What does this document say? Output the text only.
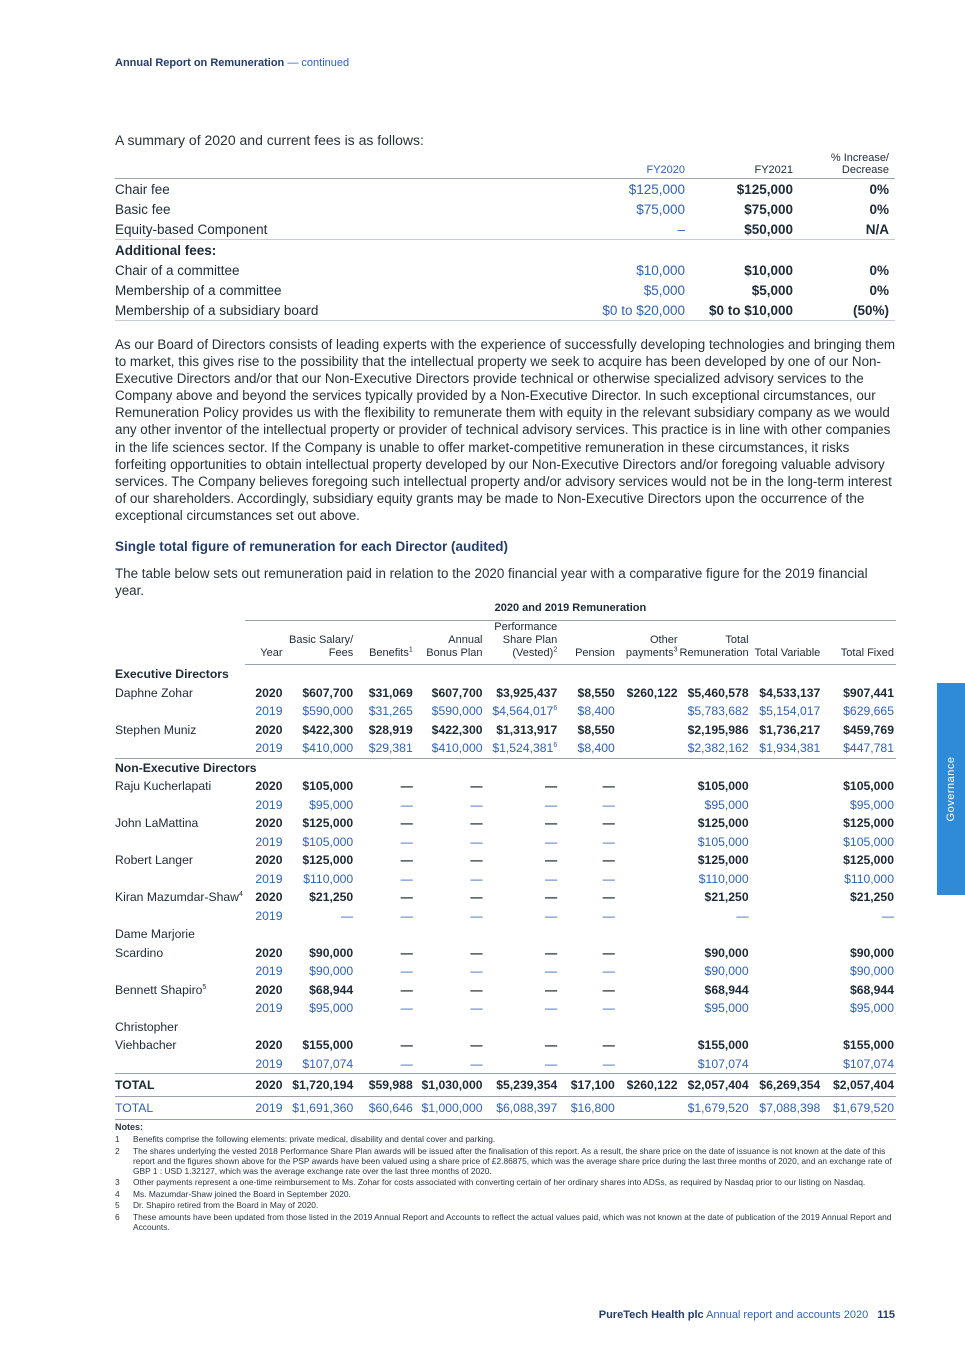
Annual Report on Remuneration — continued
A summary of 2020 and current fees is as follows:
	FY2020	FY2021	% Increase/ Decrease
Chair fee	$125,000	$125,000	0%
Basic fee	$75,000	$75,000	0%
Equity-based Component	–	$50,000	N/A
Additional fees:			
Chair of a committee	$10,000	$10,000	0%
Membership of a committee	$5,000	$5,000	0%
Membership of a subsidiary board	$0 to $20,000	$0 to $10,000	(50%)
As our Board of Directors consists of leading experts with the experience of successfully developing technologies and bringing them to market, this gives rise to the possibility that the intellectual property we seek to acquire has been developed by one of our Non-Executive Directors and/or that our Non-Executive Directors provide technical or otherwise specialized advisory services to the Company above and beyond the services typically provided by a Non-Executive Director. In such exceptional circumstances, our Remuneration Policy provides us with the flexibility to remunerate them with equity in the relevant subsidiary company as we would any other inventor of the intellectual property or provider of technical advisory services. This practice is in line with other companies in the life sciences sector. If the Company is unable to offer market-competitive remuneration in these circumstances, it risks forfeiting opportunities to obtain intellectual property developed by our Non-Executive Directors and/or foregoing valuable advisory services. The Company believes foregoing such intellectual property and/or advisory services would not be in the long-term interest of our shareholders. Accordingly, subsidiary equity grants may be made to Non-Executive Directors upon the occurrence of the exceptional circumstances set out above.
Single total figure of remuneration for each Director (audited)
The table below sets out remuneration paid in relation to the 2020 financial year with a comparative figure for the 2019 financial year.
	2020 and 2019 Remuneration									
	Year	Basic Salary/ Fees	Benefits$^1$	Annual Bonus Plan	Performance Share Plan (Vested)$^2$	Pension	Other payments$^3$	Total Remuneration	Total Variable	Total Fixed
Executive Directors										
Daphne Zohar	2020	$607,700	$31,069	$607,700	$3,925,437	$8,550	$260,122	$5,460,578	$4,533,137	$907,441
	2019	$590,000	$31,265	$590,000	$4,564,017$^6$	$8,400		$5,783,682	$5,154,017	$629,665
Stephen Muniz	2020	$422,300	$28,919	$422,300	$1,313,917	$8,550		$2,195,986	$1,736,217	$459,769
	2019	$410,000	$29,381	$410,000	$1,524,381$^6$	$8,400		$2,382,162	$1,934,381	$447,781
Non-Executive Directors										
Raju Kucherlapati	2020	$105,000	—	—	—	—		$105,000		$105,000
	2019	$95,000	—	—	—	—		$95,000		$95,000
John LaMattina	2020	$125,000	—	—	—	—		$125,000		$125,000
	2019	$105,000	—	—	—	—		$105,000		$105,000
Robert Langer	2020	$125,000	—	—	—	—		$125,000		$125,000
	2019	$110,000	—	—	—	—		$110,000		$110,000
Kiran Mazumdar-Shaw$^4$	2020	$21,250	—	—	—	—		$21,250		$21,250
	2019	—	—	—	—	—		—		—
Dame Marjorie										
Scardino	2020	$90,000	—	—	—	—		$90,000		$90,000
	2019	$90,000	—	—	—	—		$90,000		$90,000
Bennett Shapiro$^5$	2020	$68,944	—	—	—	—		$68,944		$68,944
	2019	$95,000	—	—	—	—		$95,000		$95,000
Christopher										
Viehbacher	2020	$155,000	—	—	—	—		$155,000		$155,000
	2019	$107,074	—	—	—	—		$107,074		$107,074
TOTAL	2020	$1,720,194	$59,988	$1,030,000	$5,239,354	$17,100	$260,122	$2,057,404	$6,269,354	$2,057,404
TOTAL	2019	$1,691,360	$60,646	$1,000,000	$6,088,397	$16,800		$1,679,520	$7,088,398	$1,679,520
Notes:
1	Benefits comprise the following elements: private medical, disability and dental cover and parking.
2	The shares underlying the vested 2018 Performance Share Plan awards will be issued after the finalisation of this report. As a result, the share price on the date of issuance is not known at the date of this report and the figures shown above for the PSP awards have been valued using a share price of £2.86875, which was the average share price during the last three months of 2020, and an exchange rate of GBP 1 : USD 1.32127, which was the average exchange rate over the last three months of 2020.
3	Other payments represent a one-time reimbursement to Ms. Zohar for costs associated with converting certain of her ordinary shares into ADSs, as required by Nasdaq prior to our listing on Nasdaq.
4	Ms. Mazumdar-Shaw joined the Board in September 2020.
5	Dr. Shapiro retired from the Board in May of 2020.
6	These amounts have been updated from those listed in the 2019 Annual Report and Accounts to reflect the actual values paid, which was not known at the date of publication of the 2019 Annual Report and Accounts.
PureTech Health plc Annual report and accounts 2020 115
Governance
